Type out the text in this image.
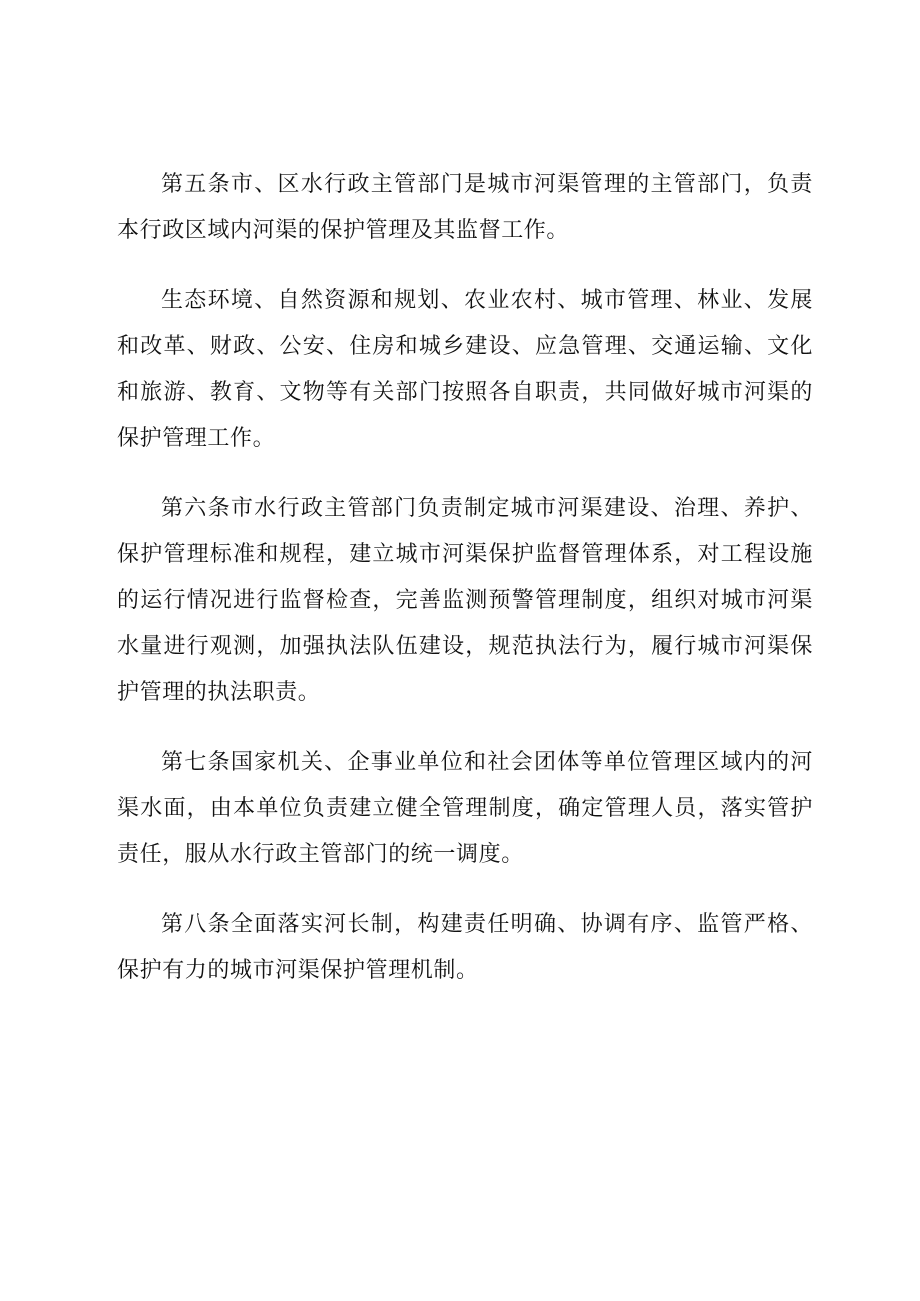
第五条市、区水行政主管部门是城市河渠管理的主管部门，负责本行政区域内河渠的保护管理及其监督工作。

生态环境、自然资源和规划、农业农村、城市管理、林业、发展和改革、财政、公安、住房和城乡建设、应急管理、交通运输、文化和旅游、教育、文物等有关部门按照各自职责，共同做好城市河渠的保护管理工作。

第六条市水行政主管部门负责制定城市河渠建设、治理、养护、保护管理标准和规程，建立城市河渠保护监督管理体系，对工程设施的运行情况进行监督检查，完善监测预警管理制度，组织对城市河渠水量进行观测，加强执法队伍建设，规范执法行为，履行城市河渠保护管理的执法职责。

第七条国家机关、企事业单位和社会团体等单位管理区域内的河渠水面，由本单位负责建立健全管理制度，确定管理人员，落实管护责任，服从水行政主管部门的统一调度。

第八条全面落实河长制，构建责任明确、协调有序、监管严格、保护有力的城市河渠保护管理机制。
